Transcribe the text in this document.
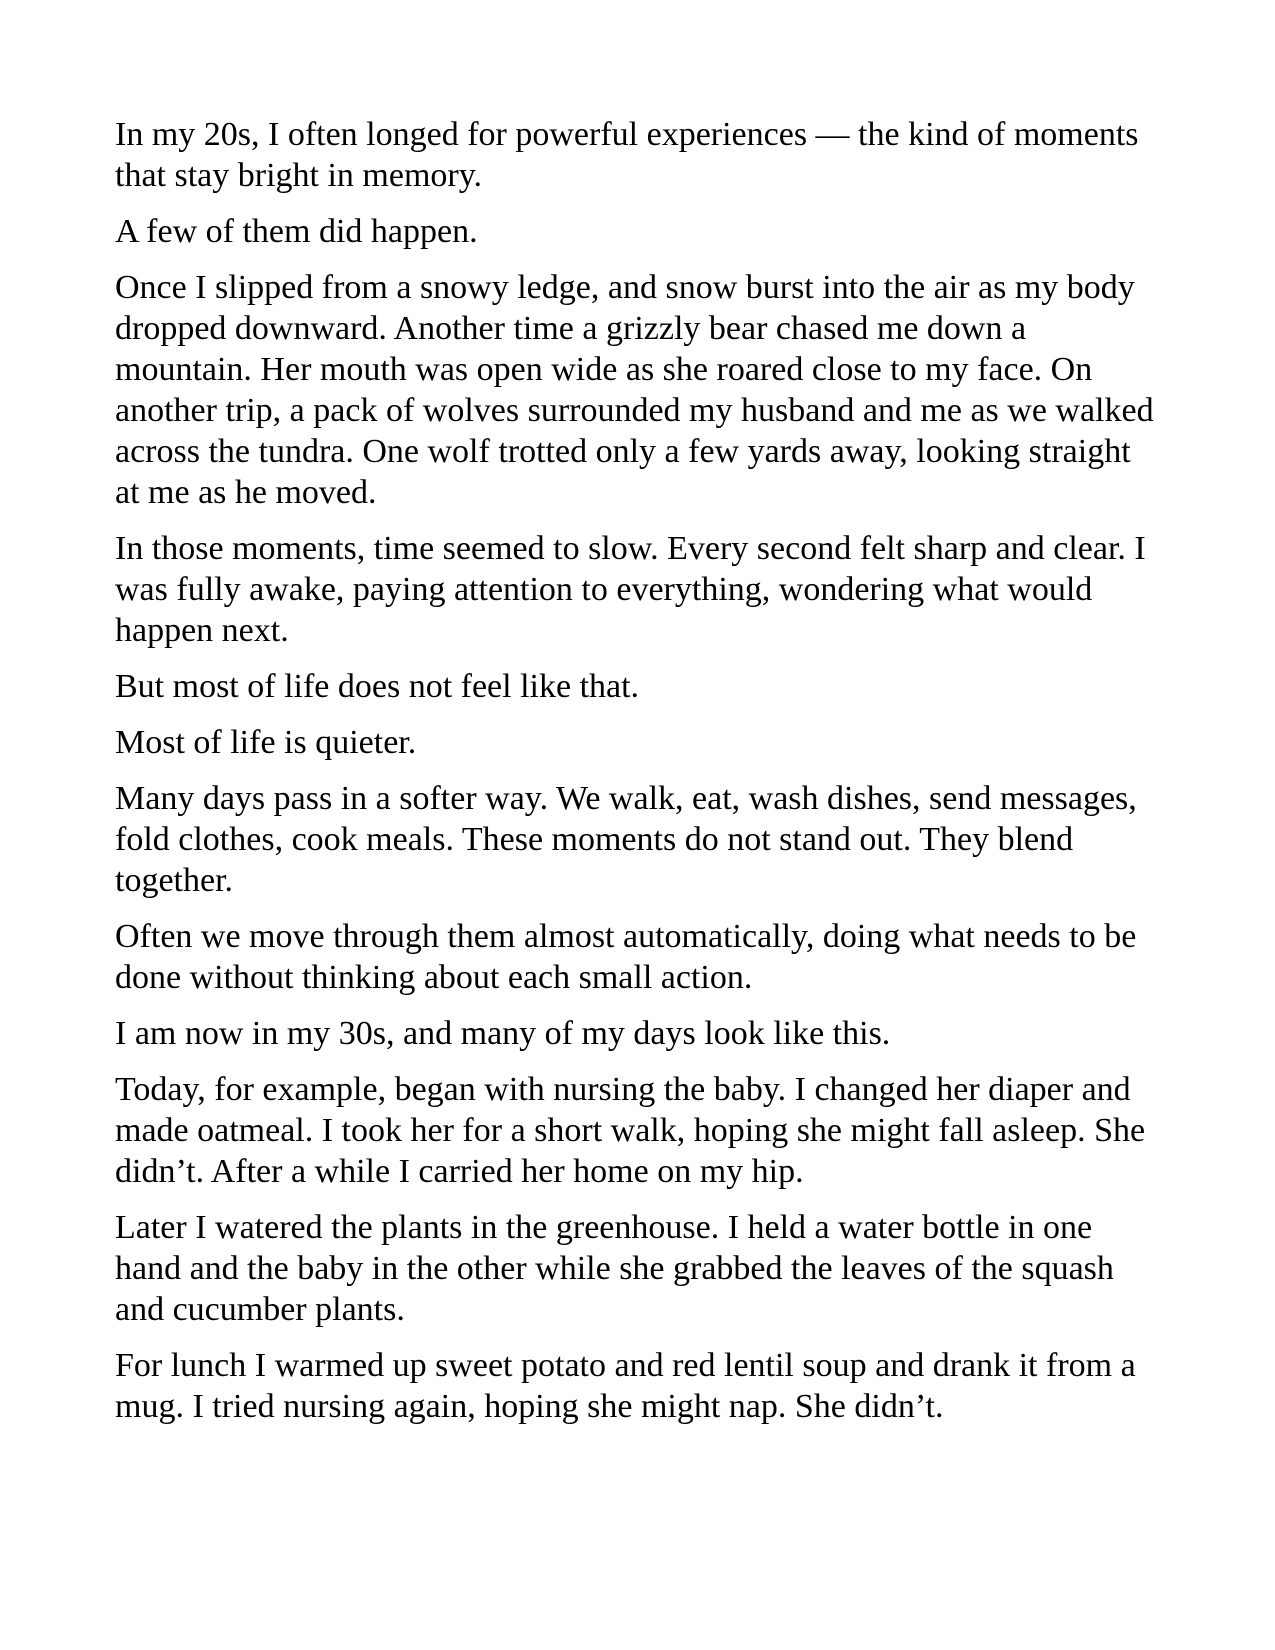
In my 20s, I often longed for powerful experiences — the kind of moments that stay bright in memory.

A few of them did happen.

Once I slipped from a snowy ledge, and snow burst into the air as my body dropped downward. Another time a grizzly bear chased me down a mountain. Her mouth was open wide as she roared close to my face. On another trip, a pack of wolves surrounded my husband and me as we walked across the tundra. One wolf trotted only a few yards away, looking straight at me as he moved.

In those moments, time seemed to slow. Every second felt sharp and clear. I was fully awake, paying attention to everything, wondering what would happen next.

But most of life does not feel like that.

Most of life is quieter.

Many days pass in a softer way. We walk, eat, wash dishes, send messages, fold clothes, cook meals. These moments do not stand out. They blend together.

Often we move through them almost automatically, doing what needs to be done without thinking about each small action.

I am now in my 30s, and many of my days look like this.

Today, for example, began with nursing the baby. I changed her diaper and made oatmeal. I took her for a short walk, hoping she might fall asleep. She didn’t. After a while I carried her home on my hip.

Later I watered the plants in the greenhouse. I held a water bottle in one hand and the baby in the other while she grabbed the leaves of the squash and cucumber plants.

For lunch I warmed up sweet potato and red lentil soup and drank it from a mug. I tried nursing again, hoping she might nap. She didn’t.
